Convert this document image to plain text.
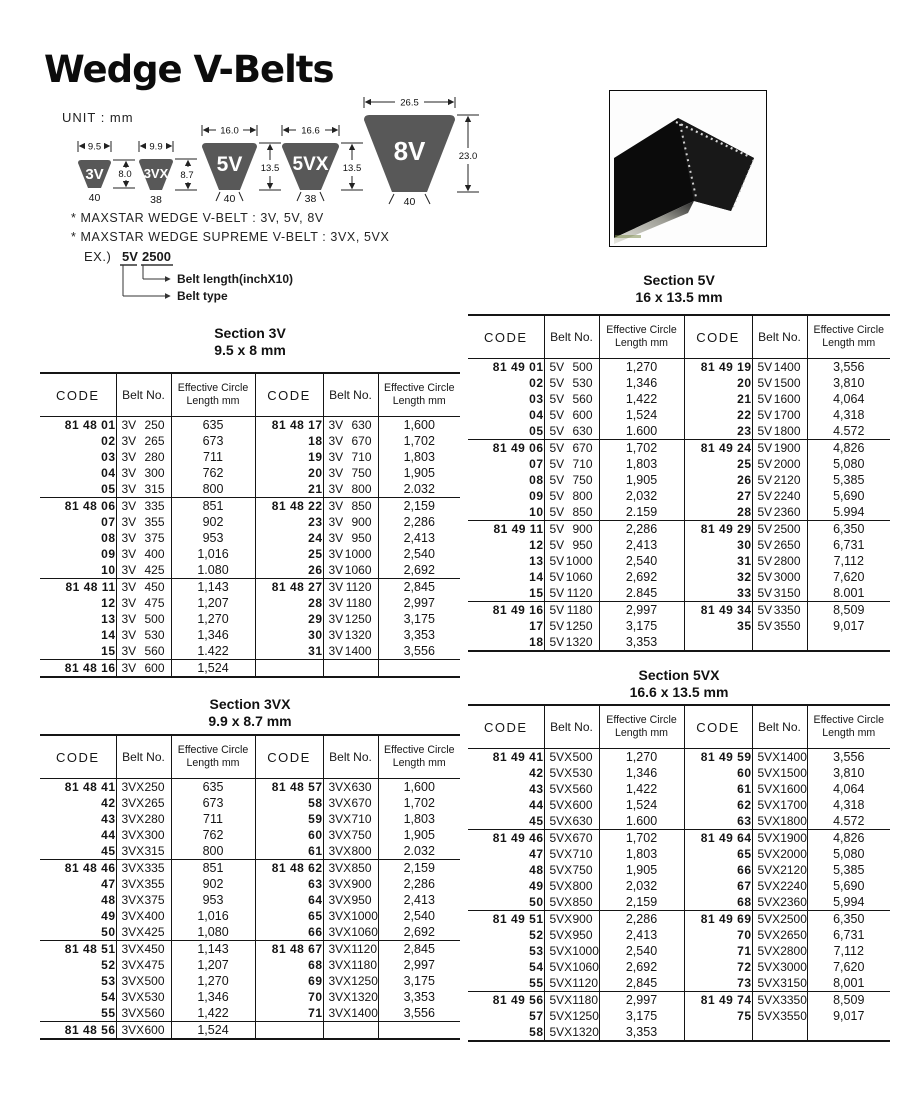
Wedge V-Belts
UNIT : mm
3V
9.5
8.0
40
3VX
9.9
8.7
38
5V
16.0
13.5
40
5VX
16.6
13.5
38
8V
26.5
23.0
40
* MAXSTAR WEDGE V-BELT : 3V, 5V, 8V
* MAXSTAR WEDGE SUPREME V-BELT : 3VX, 5VX
EX.) 5V 2500
Belt length(inchX10)
Belt type
Section 3V
9.5 x 8 mm
Section 5V
16 x 13.5 mm
Section 3VX
9.9 x 8.7 mm
Section 5VX
16.6 x 13.5 mm
CODE	Belt No.	Effective Circle Length mm	CODE	Belt No.	Effective Circle Length mm
81 48 01	3V 250	635	81 48 17	3V 630	1,600
02	3V 265	673	18	3V 670	1,702
03	3V 280	711	19	3V 710	1,803
04	3V 300	762	20	3V 750	1,905
05	3V 315	800	21	3V 800	2.032
81 48 06	3V 335	851	81 48 22	3V 850	2,159
07	3V 355	902	23	3V 900	2,286
08	3V 375	953	24	3V 950	2,413
09	3V 400	1,016	25	3V 1000	2,540
10	3V 425	1.080	26	3V 1060	2,692
81 48 11	3V 450	1,143	81 48 27	3V 1120	2,845
12	3V 475	1,207	28	3V 1180	2,997
13	3V 500	1,270	29	3V 1250	3,175
14	3V 530	1,346	30	3V 1320	3,353
15	3V 560	1.422	31	3V 1400	3,556
81 48 16	3V 600	1,524			
CODE	Belt No.	Effective Circle Length mm	CODE	Belt No.	Effective Circle Length mm
81 49 01	5V 500	1,270	81 49 19	5V 1400	3,556
02	5V 530	1,346	20	5V 1500	3,810
03	5V 560	1,422	21	5V 1600	4,064
04	5V 600	1,524	22	5V 1700	4,318
05	5V 630	1.600	23	5V 1800	4.572
81 49 06	5V 670	1,702	81 49 24	5V 1900	4,826
07	5V 710	1,803	25	5V 2000	5,080
08	5V 750	1,905	26	5V 2120	5,385
09	5V 800	2,032	27	5V 2240	5,690
10	5V 850	2.159	28	5V 2360	5.994
81 49 11	5V 900	2,286	81 49 29	5V 2500	6,350
12	5V 950	2,413	30	5V 2650	6,731
13	5V 1000	2,540	31	5V 2800	7,112
14	5V 1060	2,692	32	5V 3000	7,620
15	5V 1120	2.845	33	5V 3150	8.001
81 49 16	5V 1180	2,997	81 49 34	5V 3350	8,509
17	5V 1250	3,175	35	5V 3550	9,017
18	5V 1320	3,353			
CODE	Belt No.	Effective Circle Length mm	CODE	Belt No.	Effective Circle Length mm
81 48 41	3VX 250	635	81 48 57	3VX 630	1,600
42	3VX 265	673	58	3VX 670	1,702
43	3VX 280	711	59	3VX 710	1,803
44	3VX 300	762	60	3VX 750	1,905
45	3VX 315	800	61	3VX 800	2.032
81 48 46	3VX 335	851	81 48 62	3VX 850	2,159
47	3VX 355	902	63	3VX 900	2,286
48	3VX 375	953	64	3VX 950	2,413
49	3VX 400	1,016	65	3VX 1000	2,540
50	3VX 425	1,080	66	3VX 1060	2,692
81 48 51	3VX 450	1,143	81 48 67	3VX 1120	2,845
52	3VX 475	1,207	68	3VX 1180	2,997
53	3VX 500	1,270	69	3VX 1250	3,175
54	3VX 530	1,346	70	3VX 1320	3,353
55	3VX 560	1,422	71	3VX 1400	3,556
81 48 56	3VX 600	1,524			
CODE	Belt No.	Effective Circle Length mm	CODE	Belt No.	Effective Circle Length mm
81 49 41	5VX 500	1,270	81 49 59	5VX 1400	3,556
42	5VX 530	1,346	60	5VX 1500	3,810
43	5VX 560	1,422	61	5VX 1600	4,064
44	5VX 600	1,524	62	5VX 1700	4,318
45	5VX 630	1.600	63	5VX 1800	4.572
81 49 46	5VX 670	1,702	81 49 64	5VX 1900	4,826
47	5VX 710	1,803	65	5VX 2000	5,080
48	5VX 750	1,905	66	5VX 2120	5,385
49	5VX 800	2,032	67	5VX 2240	5,690
50	5VX 850	2,159	68	5VX 2360	5,994
81 49 51	5VX 900	2,286	81 49 69	5VX 2500	6,350
52	5VX 950	2,413	70	5VX 2650	6,731
53	5VX 1000	2,540	71	5VX 2800	7,112
54	5VX 1060	2,692	72	5VX 3000	7,620
55	5VX 1120	2,845	73	5VX 3150	8,001
81 49 56	5VX 1180	2,997	81 49 74	5VX 3350	8,509
57	5VX 1250	3,175	75	5VX 3550	9,017
58	5VX 1320	3,353			
